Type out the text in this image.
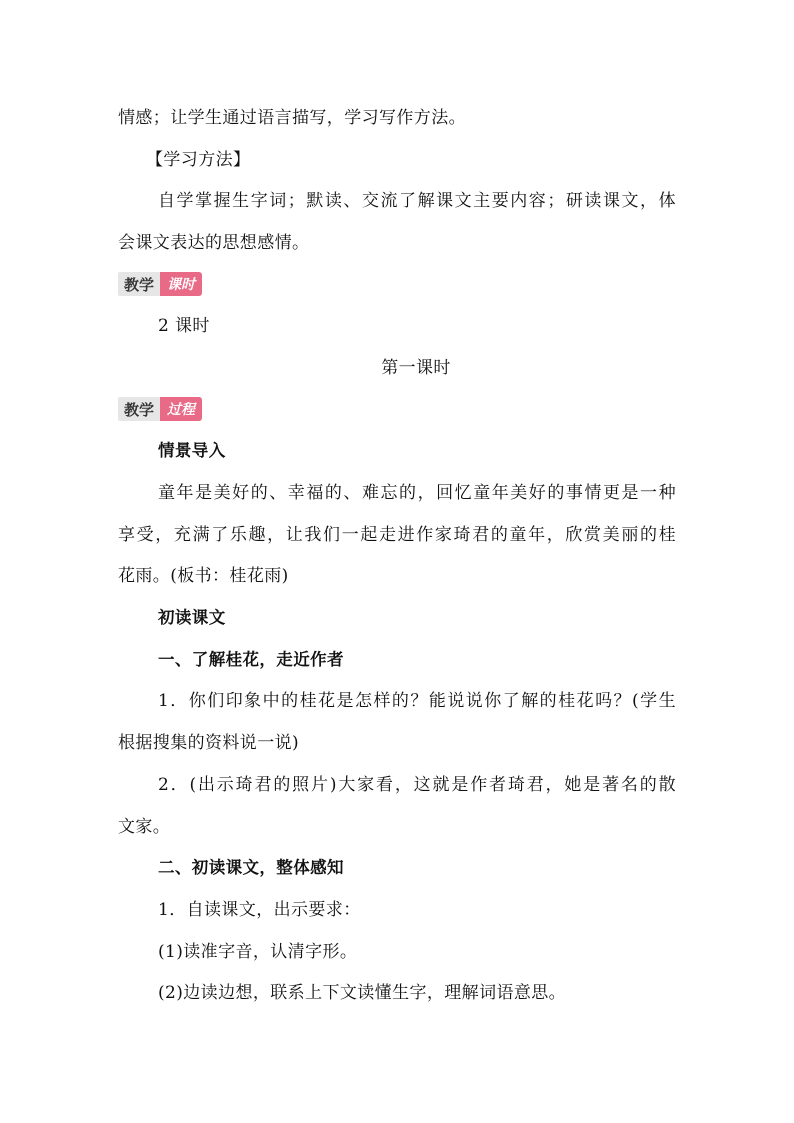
情感；让学生通过语言描写，学习写作方法。
【学习方法】
自学掌握生字词；默读、交流了解课文主要内容；研读课文，体
会课文表达的思想感情。
教学 课时
2 课时
第一课时
教学 过程
情景导入
童年是美好的、幸福的、难忘的，回忆童年美好的事情更是一种
享受，充满了乐趣，让我们一起走进作家琦君的童年，欣赏美丽的桂
花雨。(板书：桂花雨)
初读课文
一、了解桂花，走近作者
1．你们印象中的桂花是怎样的？能说说你了解的桂花吗？(学生
根据搜集的资料说一说)
2．(出示琦君的照片)大家看，这就是作者琦君，她是著名的散
文家。
二、初读课文，整体感知
1．自读课文，出示要求：
(1)读准字音，认清字形。
(2)边读边想，联系上下文读懂生字，理解词语意思。
